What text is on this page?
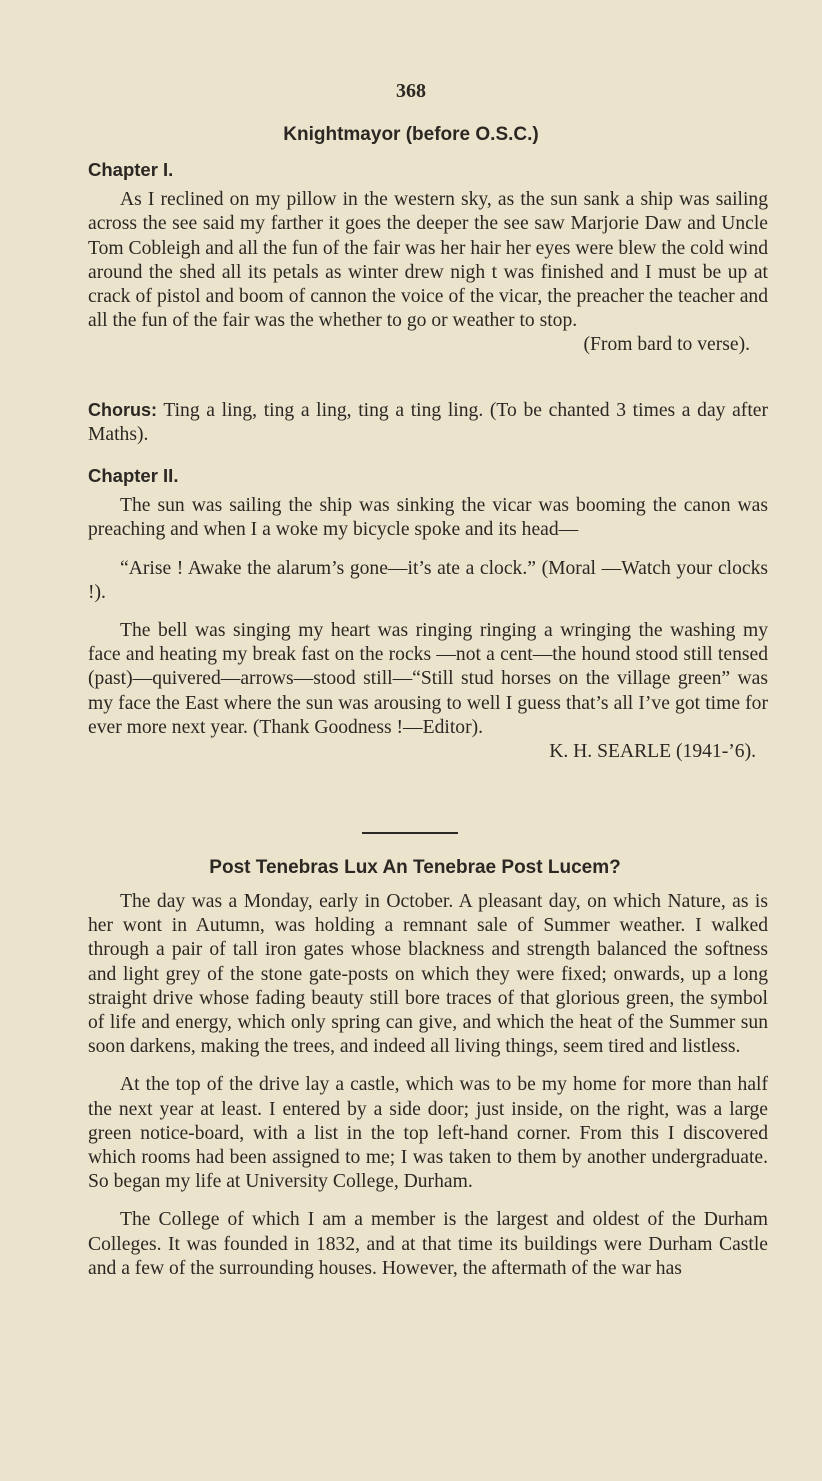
368
Knightmayor (before O.S.C.)
Chapter I.

As I reclined on my pillow in the western sky, as the sun sank a ship was sailing across the see said my farther it goes the deeper the see saw Marjorie Daw and Uncle Tom Cobleigh and all the fun of the fair was her hair her eyes were blew the cold wind around the shed all its petals as winter drew nigh t was finished and I must be up at crack of pistol and boom of cannon the voice of the vicar, the preacher the teacher and all the fun of the fair was the whether to go or weather to stop.

(From bard to verse).

Chorus: Ting a ling, ting a ling, ting a ting ling. (To be chanted 3 times a day after Maths).

Chapter II.

The sun was sailing the ship was sinking the vicar was booming the canon was preaching and when I a woke my bicycle spoke and its head—

“Arise ! Awake the alarum’s gone—it’s ate a clock.” (Moral —Watch your clocks !).

The bell was singing my heart was ringing ringing a wringing the washing my face and heating my break fast on the rocks —not a cent—the hound stood still tensed (past)—quivered—arrows—stood still—“Still stud horses on the village green” was my face the East where the sun was arousing to well I guess that’s all I’ve got time for ever more next year. (Thank Goodness !—Editor).

K. H. SEARLE (1941-’6).

Post Tenebras Lux An Tenebrae Post Lucem?

The day was a Monday, early in October. A pleasant day, on which Nature, as is her wont in Autumn, was holding a remnant sale of Summer weather. I walked through a pair of tall iron gates whose blackness and strength balanced the softness and light grey of the stone gate-posts on which they were fixed; onwards, up a long straight drive whose fading beauty still bore traces of that glorious green, the symbol of life and energy, which only spring can give, and which the heat of the Summer sun soon darkens, making the trees, and indeed all living things, seem tired and listless.

At the top of the drive lay a castle, which was to be my home for more than half the next year at least. I entered by a side door; just inside, on the right, was a large green notice-board, with a list in the top left-hand corner. From this I discovered which rooms had been assigned to me; I was taken to them by another undergraduate. So began my life at University College, Durham.

The College of which I am a member is the largest and oldest of the Durham Colleges. It was founded in 1832, and at that time its buildings were Durham Castle and a few of the surrounding houses. However, the aftermath of the war has
